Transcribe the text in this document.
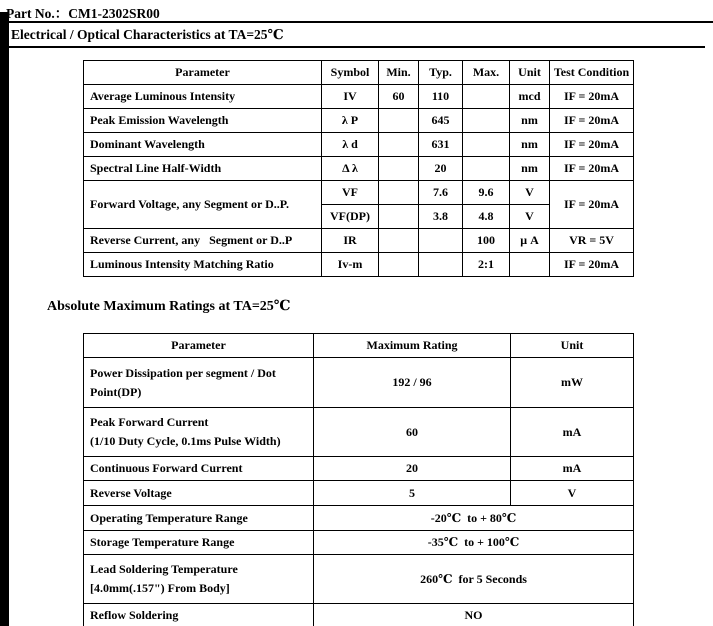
Part No.：CM1-2302SR00
Electrical / Optical Characteristics at TA=25℃
Parameter	Symbol	Min.	Typ.	Max.	Unit	Test Condition
Average Luminous Intensity	IV	60	110		mcd	IF = 20mA
Peak Emission Wavelength	λ P		645		nm	IF = 20mA
Dominant Wavelength	λ d		631		nm	IF = 20mA
Spectral Line Half-Width	Δ λ		20		nm	IF = 20mA
Forward Voltage, any Segment or D..P.	VF		7.6	9.6	V	IF = 20mA
	VF(DP)		3.8	4.8	V	
Reverse Current, any   Segment or D..P	IR			100	μ A	VR = 5V
Luminous Intensity Matching Ratio	Iv-m			2:1		IF = 20mA
Absolute Maximum Ratings at TA=25℃
Parameter	Maximum Rating	Unit

Power Dissipation per segment / Dot
Point(DP)	192 / 96	mW

Peak Forward Current
(1/10 Duty Cycle, 0.1ms Pulse Width)	60	mA
Continuous Forward Current	20	mA
Reverse Voltage	5	V
Operating Temperature Range	-20℃  to + 80℃	
Storage Temperature Range	-35℃  to + 100℃	

Lead Soldering Temperature
[4.0mm(.157") From Body]	260℃  for 5 Seconds	
Reflow Soldering	NO	
